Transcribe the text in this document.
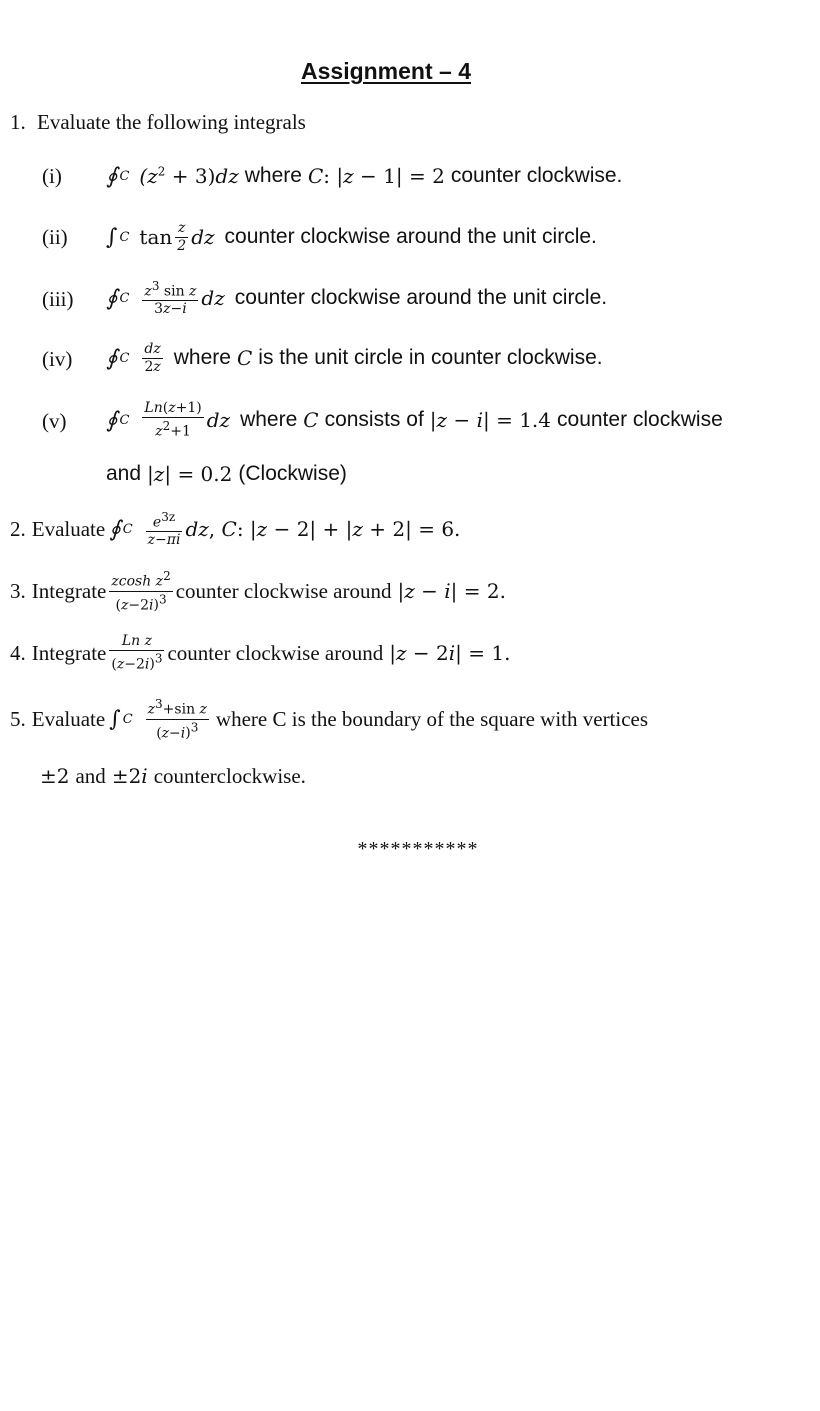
Assignment – 4
1. Evaluate the following integrals
(i) ∮ C $(z^2 + 3)dz$ where C: |z − 1| = 2 counter clockwise.
(ii) ∫ C $\tan \frac{z}{2}$ dz counter clockwise around the unit circle.
(iii) ∮ C $\frac{z^3 \sin z}{3z-i}$ dz counter clockwise around the unit circle.
(iv) ∮ C $\frac{dz}{2z}$ where C is the unit circle in counter clockwise.
(v) ∮ C $\frac{Ln(z+1)}{z^2+1}$ dz where C consists of |z − i| = 1.4 counter clockwise
and |z| = 0.2 (Clockwise)
2. Evaluate ∮ C $\frac{e^{3z}}{z-\pi i}$ dz, C: |z − 2| + |z + 2| = 6.
3. Integrate $\frac{zcosh z^2}{(z-2i)^3}$ counter clockwise around |z − i| = 2.
4. Integrate $\frac{\text{Ln z}}{(z-2i)^3}$ counter clockwise around |z − 2i| = 1.
5. Evaluate ∫ C $\frac{z^3+\sin z}{(z-i)^3}$ where C is the boundary of the square with vertices
±2 and ±2i counterclockwise.
***********
